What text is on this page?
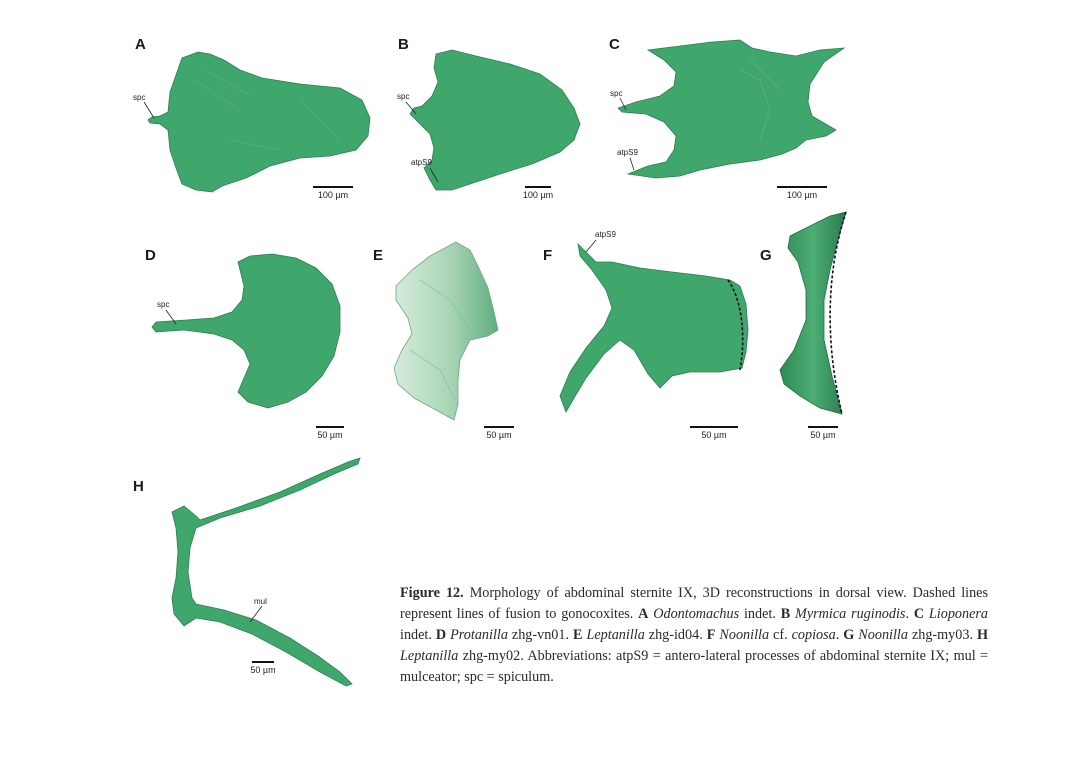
A	B	C
D	E	F	G
H
spc	spc
atpS9
spc
atpS9
spc
atpS9
mul
100 µm	100 µm	100 µm
50 µm	50 µm	50 µm	50 µm
50 µm
Figure 12. Morphology of abdominal sternite IX, 3D reconstructions in dorsal view. Dashed lines represent lines of fusion to gonocoxites. A Odontomachus indet. B Myrmica ruginodis. C Lioponera indet. D Protanilla zhg-vn01. E Leptanilla zhg-id04. F Noonilla cf. copiosa. G Noonilla zhg-my03. H Leptanilla zhg-my02. Abbreviations: atpS9 = antero-lateral processes of abdominal sternite IX; mul = mulceator; spc = spiculum.
